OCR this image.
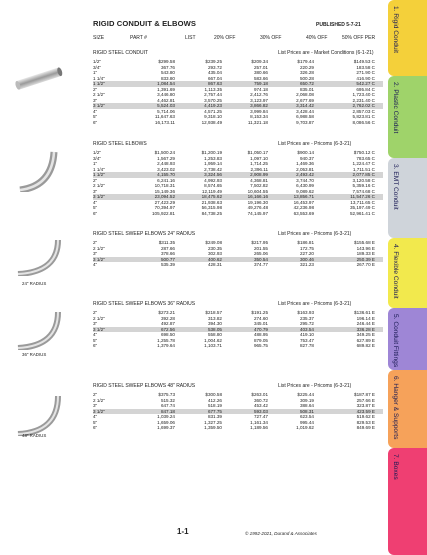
RIGID CONDUIT & ELBOWS	PUBLISHED 5-7-21
SIZE	PART #	LIST	20% OFF	30% OFF	40% OFF	50% OFF PER
RIGID STEEL CONDUIT	List Prices are - Market Conditions (6-1-21)
1/2"	$299.58	$239.25	$209.34	$179.44	$149.53 C
3/4"	367.76	293.72	257.01	220.29	183.58 C
1"	543.80	435.04	380.66	326.28	271.90 C
1 1/4"	833.80	667.04	583.66	500.28	416.90 C
1 1/2"	1,084.54	867.63	759.18	650.72	542.27 C
2"	1,391.69	1,113.35	974.18	835.01	695.84 C
2 1/2"	3,446.80	2,757.44	2,412.76	2,068.08	1,723.40 C
3"	4,462.81	3,570.25	3,123.97	2,677.69	2,231.40 C
3 1/2"	5,524.03	4,419.23	3,866.82	3,314.42	2,762.02 C
4"	5,714.06	4,571.25	3,999.84	3,428.44	2,857.03 C
5"	11,647.63	9,318.10	8,153.34	6,988.58	5,823.81 C
6"	16,173.11	12,938.49	11,321.18	9,703.87	8,086.56 C
RIGID STEEL ELBOWS	List Prices are - Pricoms (6-3-21)
1/2"	$1,500.24	$1,200.19	$1,050.17	$900.14	$750.12 C
3/4"	1,567.29	1,253.83	1,097.10	940.37	783.65 C
1"	2,448.93	1,959.14	1,714.25	1,469.36	1,224.47 C
1 1/4"	3,423.02	2,738.42	2,396.11	2,053.81	1,711.51 C
1 1/2"	4,155.70	3,324.56	2,908.99	2,493.42	2,077.85 C
2"	6,241.16	4,992.93	4,368.81	3,744.70	3,120.58 C
2 1/2"	10,718.31	8,574.65	7,502.82	6,430.99	5,359.16 C
3"	15,149.36	12,119.49	10,604.55	9,089.62	7,574.68 C
3 1/2"	23,094.52	18,475.62	16,166.16	13,856.71	11,547.26 C
4"	27,423.29	21,938.63	19,196.30	16,453.97	13,711.65 C
5"	70,394.97	56,315.98	49,276.48	42,236.98	35,197.49 C
6"	105,922.81	84,738.25	74,145.97	63,553.69	52,961.41 C
RIGID STEEL SWEEP ELBOWS 24" RADIUS	List Prices are - Pricoms (6-3-21)
2"	$311.35	$249.08	$217.95	$186.81	$155.68 E
2 1/2"	287.66	230.35	201.55	172.75	143.96 E
3"	378.66	302.93	265.06	227.20	189.33 E
3 1/2"	500.77	400.62	350.54	300.46	250.39 E
4"	535.39	428.31	374.77	321.23	267.70 E
24" RADIUS
RIGID STEEL SWEEP ELBOWS 36" RADIUS	List Prices are - Pricoms (6-3-21)
2"	$273.21	$218.57	$191.25	$163.93	$136.61 E
2 1/2"	392.28	313.82	274.60	235.37	196.14 E
3"	492.87	394.30	345.01	295.72	246.44 E
3 1/2"	672.56	538.05	470.79	403.54	336.28 E
4"	698.50	558.80	488.95	419.10	349.25 E
5"	1,255.78	1,004.62	879.05	753.47	627.89 E
6"	1,379.64	1,103.71	965.75	827.78	689.82 E
36" RADIUS
RIGID STEEL SWEEP ELBOWS 48" RADIUS	List Prices are - Pricoms (6-3-21)
2"	$375.73	$300.58	$263.01	$225.44	$187.87 E
2 1/2"	515.32	412.26	360.72	309.19	257.66 E
3"	647.74	518.19	453.42	388.64	323.87 E
3 1/2"	847.18	677.75	593.03	508.31	423.59 E
4"	1,039.24	831.39	727.47	623.54	519.62 E
5"	1,659.06	1,327.25	1,161.34	995.44	829.53 E
6"	1,699.37	1,359.50	1,189.56	1,019.62	849.69 E
48" RADIUS
1-1	© 1992-2021, Durand & Associates
1. Rigid Conduit
2. Plastic Conduit
3. EMT Conduit
4. Flexible Conduit
5. Conduit Fittings
6. Hanger & Supports
7. Boxes
